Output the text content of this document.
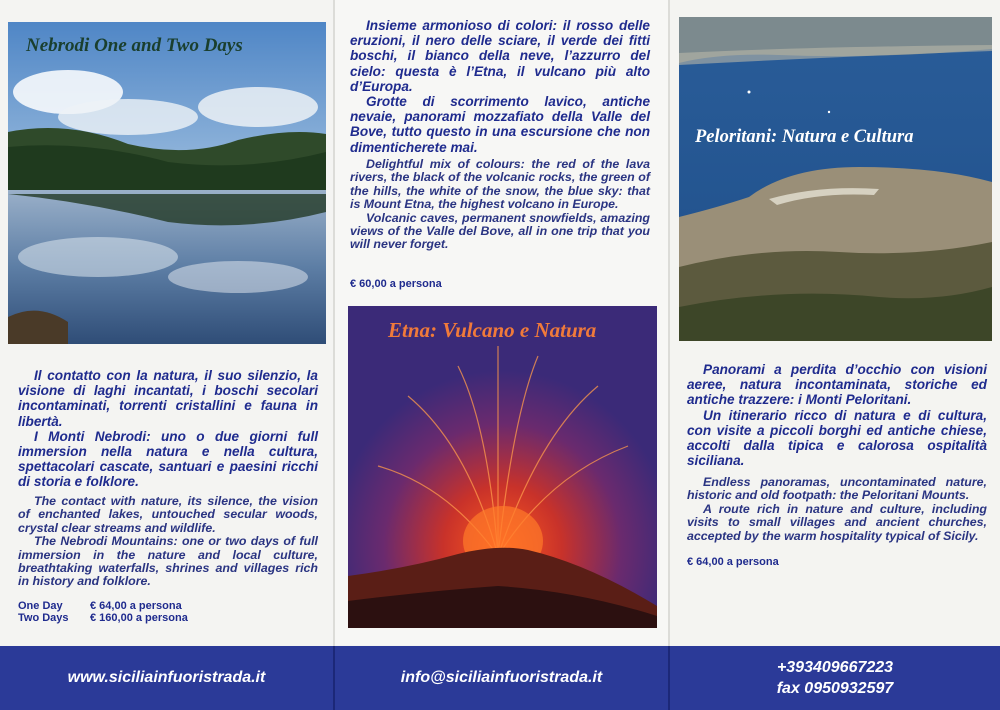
Nebrodi One and Two Days

Il contatto con la natura, il suo silenzio, la visione di laghi incantati, i boschi secolari incontaminati, torrenti cristallini e fauna in libertà.

I Monti Nebrodi: uno o due giorni full immersion nella natura e nella cultura, spettacolari cascate, santuari e paesini ricchi di storia e folklore.

The contact with nature, its silence, the vision of enchanted lakes, untouched secular woods, crystal clear streams and wildlife.

The Nebrodi Mountains: one or two days of full immersion in the nature and local culture, breathtaking waterfalls, shrines and villages rich in history and folklore.

One Day	€ 64,00 a persona
Two Days	€ 160,00 a persona

Insieme armonioso di colori: il rosso delle eruzioni, il nero delle sciare, il verde dei fitti boschi, il bianco della neve, l’azzurro del cielo: questa è l’Etna, il vulcano più alto d’Europa.

Grotte di scorrimento lavico, antiche nevaie, panorami mozzafiato della Valle del Bove, tutto questo in una escursione che non dimenticherete mai.

Delightful mix of colours: the red of the lava rivers, the black of the volcanic rocks, the green of the hills, the white of the snow, the blue sky: that is Mount Etna, the highest volcano in Europe.

Volcanic caves, permanent snowfields, amazing views of the Valle del Bove, all in one trip that you will never forget.

€ 60,00 a persona
Etna: Vulcano e Natura
Peloritani: Natura e Cultura

Panorami a perdita d’occhio con visioni aeree, natura incontaminata, storiche ed antiche trazzere: i Monti Peloritani.

Un itinerario ricco di natura e di cultura, con visite a piccoli borghi ed antiche chiese, accolti dalla tipica e calorosa ospitalità siciliana.

Endless panoramas, uncontaminated nature, historic and old footpath: the Peloritani Mounts.

A route rich in nature and culture, including visits to small villages and ancient churches, accepted by the warm hospitality typical of Sicily.

€ 64,00 a persona
www.siciliainfuoristrada.it	info@siciliainfuoristrada.it
+393409667223
fax 0950932597
